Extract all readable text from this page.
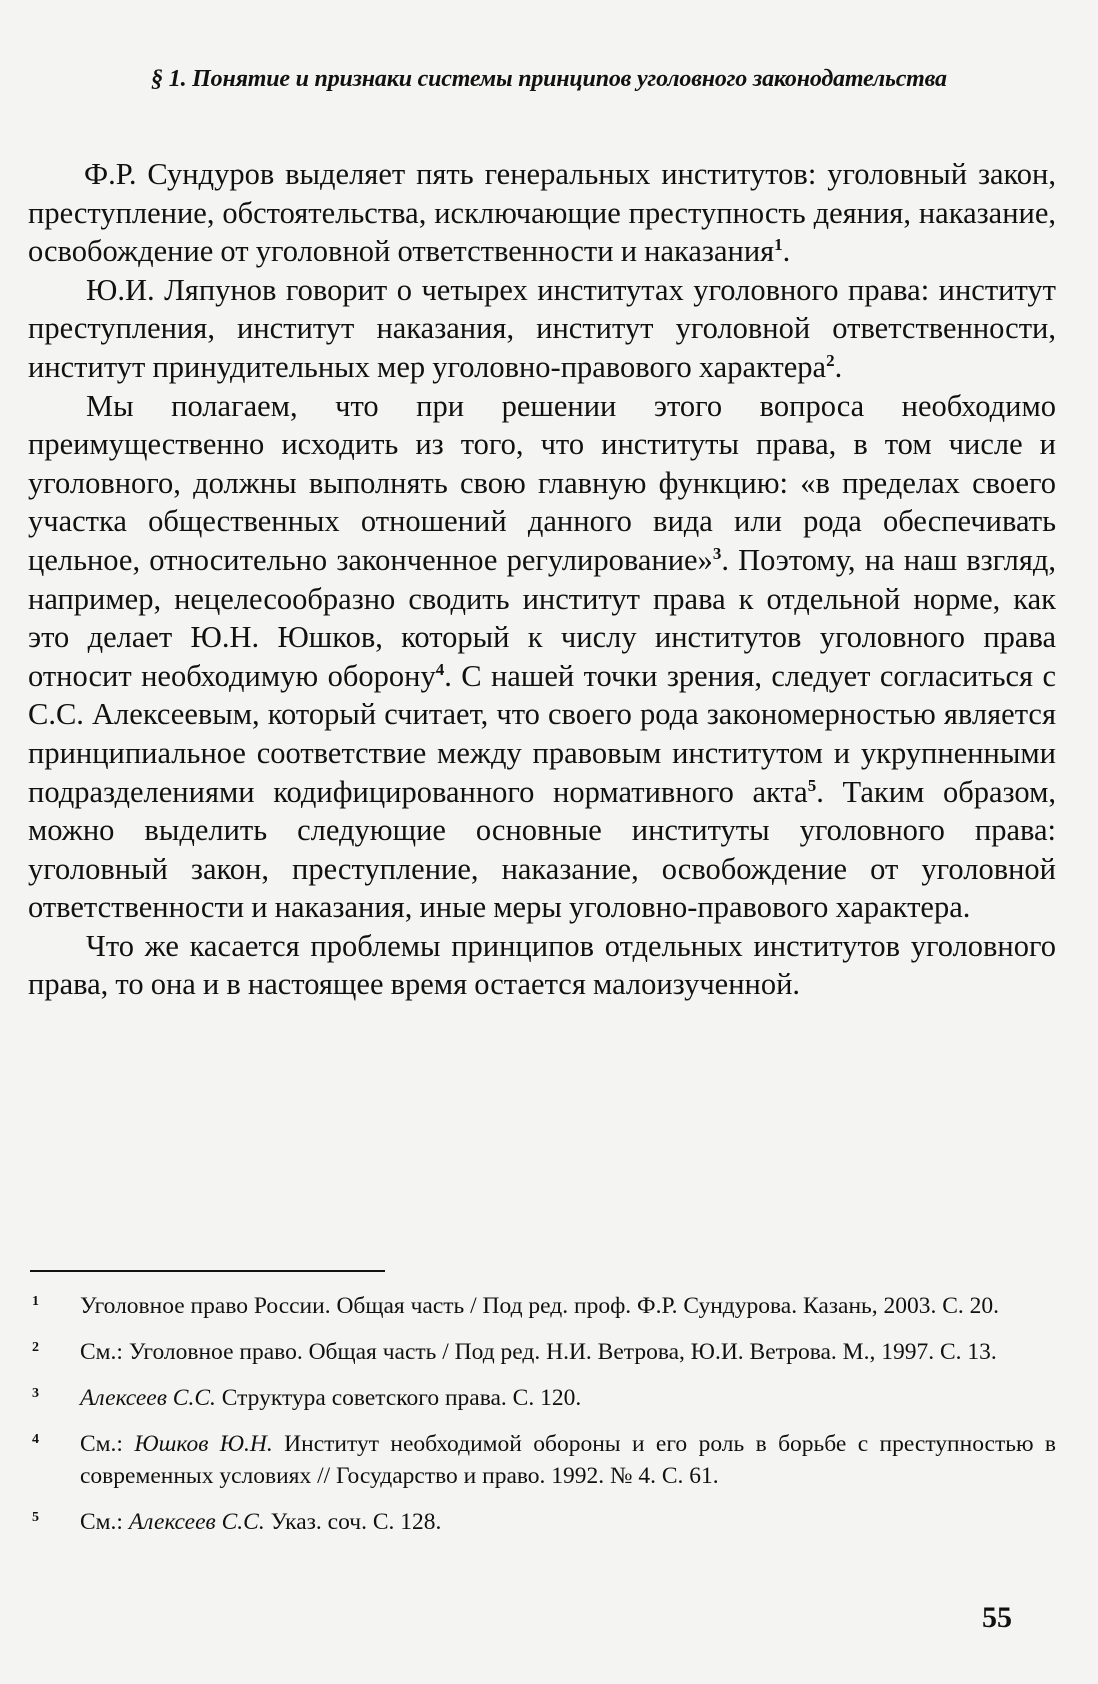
§ 1. Понятие и признаки системы принципов уголовного законодательства

Ф.Р. Сундуров выделяет пять генеральных институтов: уголовный закон, преступление, обстоятельства, исключающие преступность деяния, наказание, освобождение от уголовной ответственности и наказания$^1$.

Ю.И. Ляпунов говорит о четырех институтах уголовного права: институт преступления, институт наказания, институт уголовной ответственности, институт принудительных мер уголовно-правового характера$^2$.

Мы полагаем, что при решении этого вопроса необходимо преимущественно исходить из того, что институты права, в том числе и уголовного, должны выполнять свою главную функцию: «в пределах своего участка общественных отношений данного вида или рода обеспечивать цельное, относительно законченное регулирование»$^3$. Поэтому, на наш взгляд, например, нецелесообразно сводить институт права к отдельной норме, как это делает Ю.Н. Юшков, который к числу институтов уголовного права относит необходимую оборону$^4$. С нашей точки зрения, следует согласиться с С.С. Алексеевым, который считает, что своего рода закономерностью является принципиальное соответствие между правовым институтом и укрупненными подразделениями кодифицированного нормативного акта$^5$. Таким образом, можно выделить следующие основные институты уголовного права: уголовный закон, преступление, наказание, освобождение от уголовной ответственности и наказания, иные меры уголовно-правового характера.

Что же касается проблемы принципов отдельных институтов уголовного права, то она и в настоящее время остается малоизученной.

1 Уголовное право России. Общая часть / Под ред. проф. Ф.Р. Сундурова. Казань, 2003. С. 20.
2 См.: Уголовное право. Общая часть / Под ред. Н.И. Ветрова, Ю.И. Ветрова. М., 1997. С. 13.
3 Алексеев С.С. Структура советского права. С. 120.
4 См.: Юшков Ю.Н. Институт необходимой обороны и его роль в борьбе с преступностью в современных условиях // Государство и право. 1992. № 4. С. 61.
5 См.: Алексеев С.С. Указ. соч. С. 128.
55
